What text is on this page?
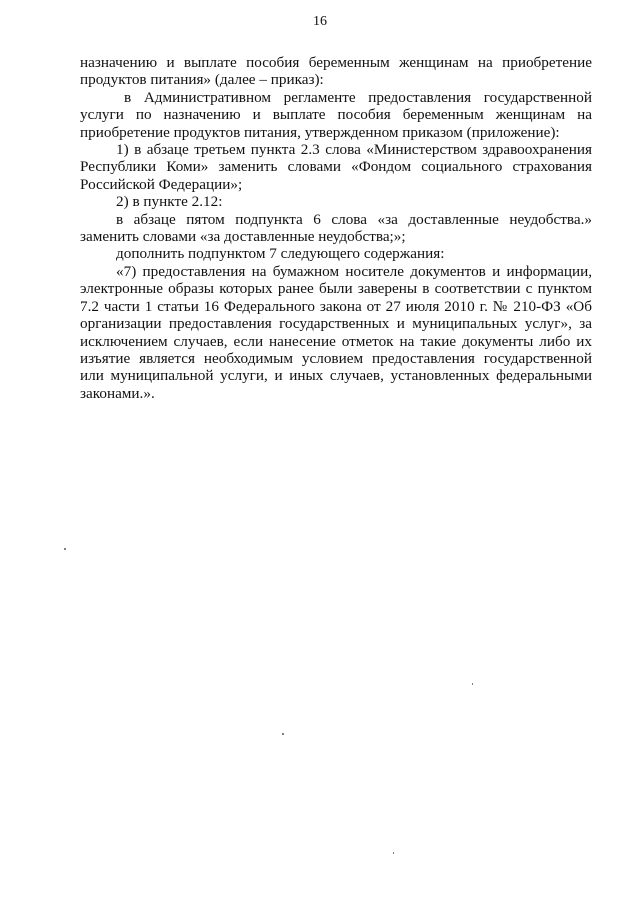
16

назначению и выплате пособия беременным женщинам на приобретение продуктов питания» (далее – приказ):

в Административном регламенте предоставления государственной услуги по назначению и выплате пособия беременным женщинам на приобретение продуктов питания, утвержденном приказом (приложение):

1) в абзаце третьем пункта 2.3 слова «Министерством здравоохранения Республики Коми» заменить словами «Фондом социального страхования Российской Федерации»;

2) в пункте 2.12:

в абзаце пятом подпункта 6 слова «за доставленные неудобства.» заменить словами «за доставленные неудобства;»;

дополнить подпунктом 7 следующего содержания:

«7) предоставления на бумажном носителе документов и информации, электронные образы которых ранее были заверены в соответствии с пунктом 7.2 части 1 статьи 16 Федерального закона от 27 июля 2010 г. № 210-ФЗ «Об организации предоставления государственных и муниципальных услуг», за исключением случаев, если нанесение отметок на такие документы либо их изъятие является необходимым условием предоставления государственной или муниципальной услуги, и иных случаев, установленных федеральными законами.».
